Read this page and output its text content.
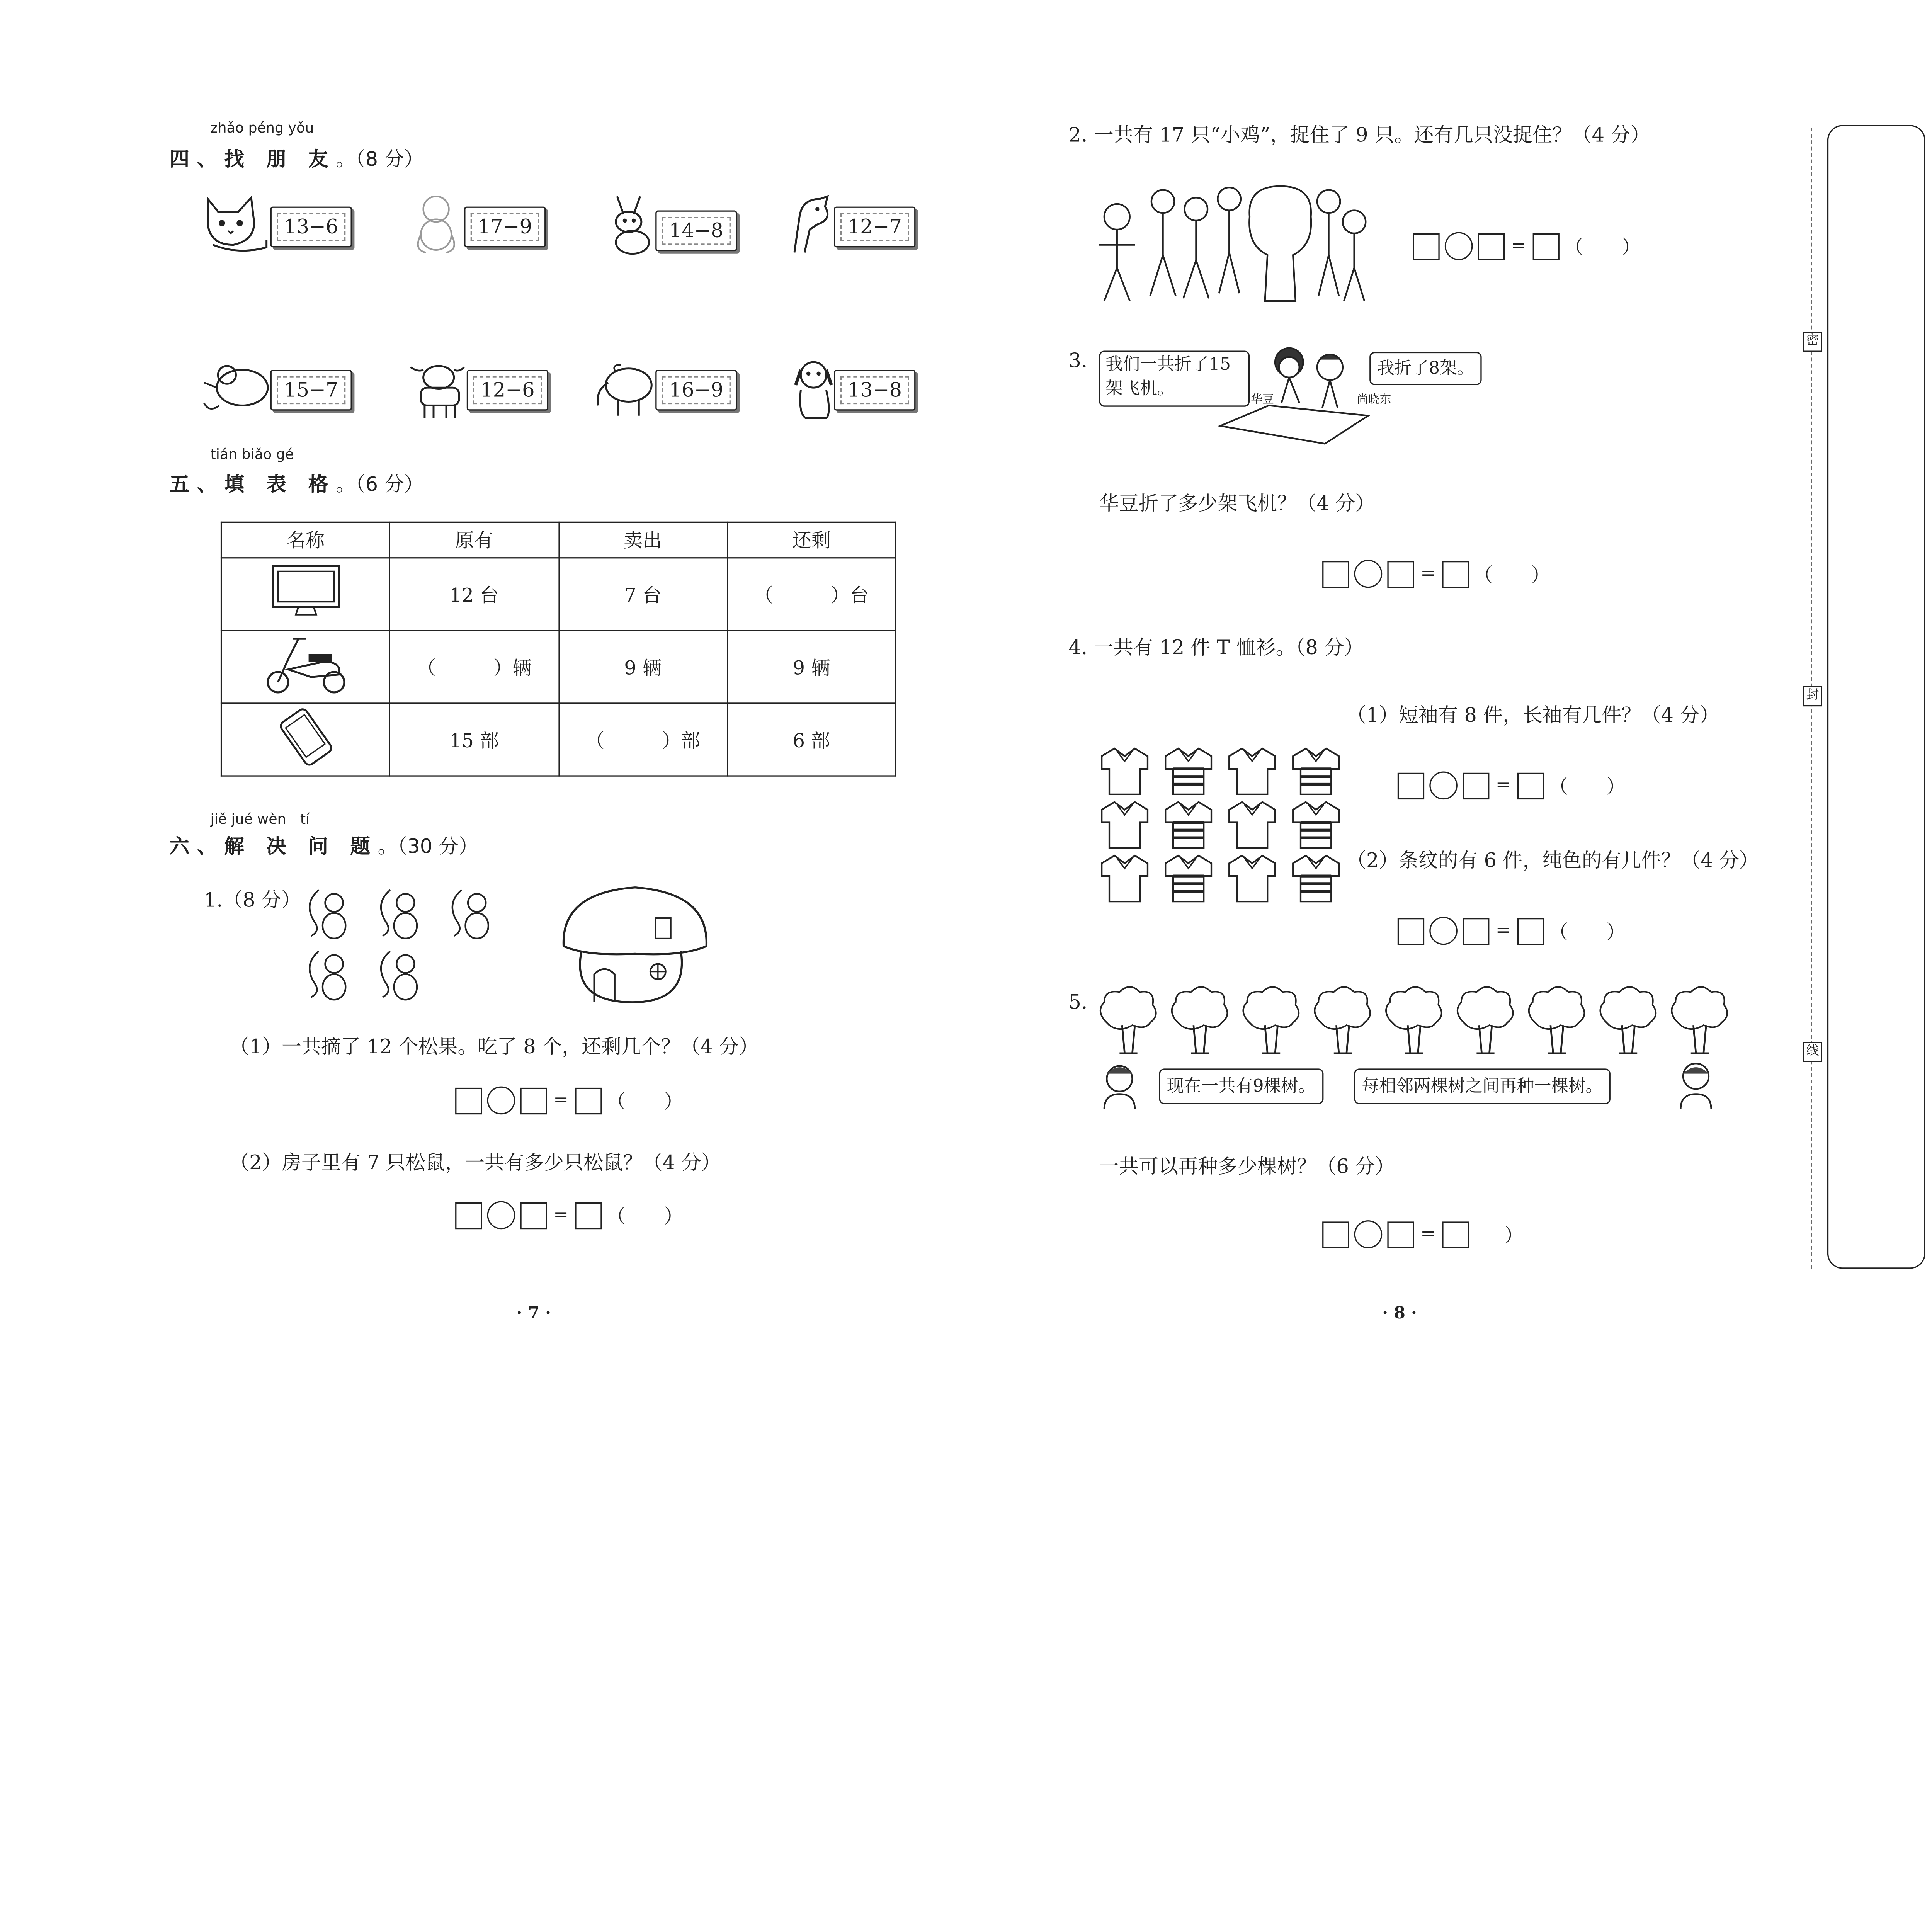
zhǎo péng yǒu
四、找 朋 友。（8 分）
13−6	17−9	14−8	12−7
15−7	12−6	16−9	13−8
tián biǎo gé
五、填 表 格。（6 分）
名称	原有	卖出	还剩
	12 台	7 台	（　　　）台
	（　　　）辆	9 辆	9 辆
	15 部	（　　　）部	6 部
jiě jué wèn　tí
六、解 决 问 题。（30 分）
1.（8 分）
（1）一共摘了 12 个松果。吃了 8 个，还剩几个？（4 分）
=	（　　）
（2）房子里有 7 只松鼠，一共有多少只松鼠？（4 分）
=	（　　）
· 7 ·
2. 一共有 17 只“小鸡”，捉住了 9 只。还有几只没捉住？（4 分）
=	（　　）
3.	我们一共折了15架飞机。
华豆	尚晓东
我折了8架。
华豆折了多少架飞机？（4 分）
=	（　　）
4. 一共有 12 件 T 恤衫。（8 分）
（1）短袖有 8 件，长袖有几件？（4 分）
=	（　　）
（2）条纹的有 6 件，纯色的有几件？（4 分）
=	（　　）
5.
现在一共有9棵树。	每相邻两棵树之间再种一棵树。
一共可以再种多少棵树？（6 分）
=	）
· 8 ·
密
封
线
